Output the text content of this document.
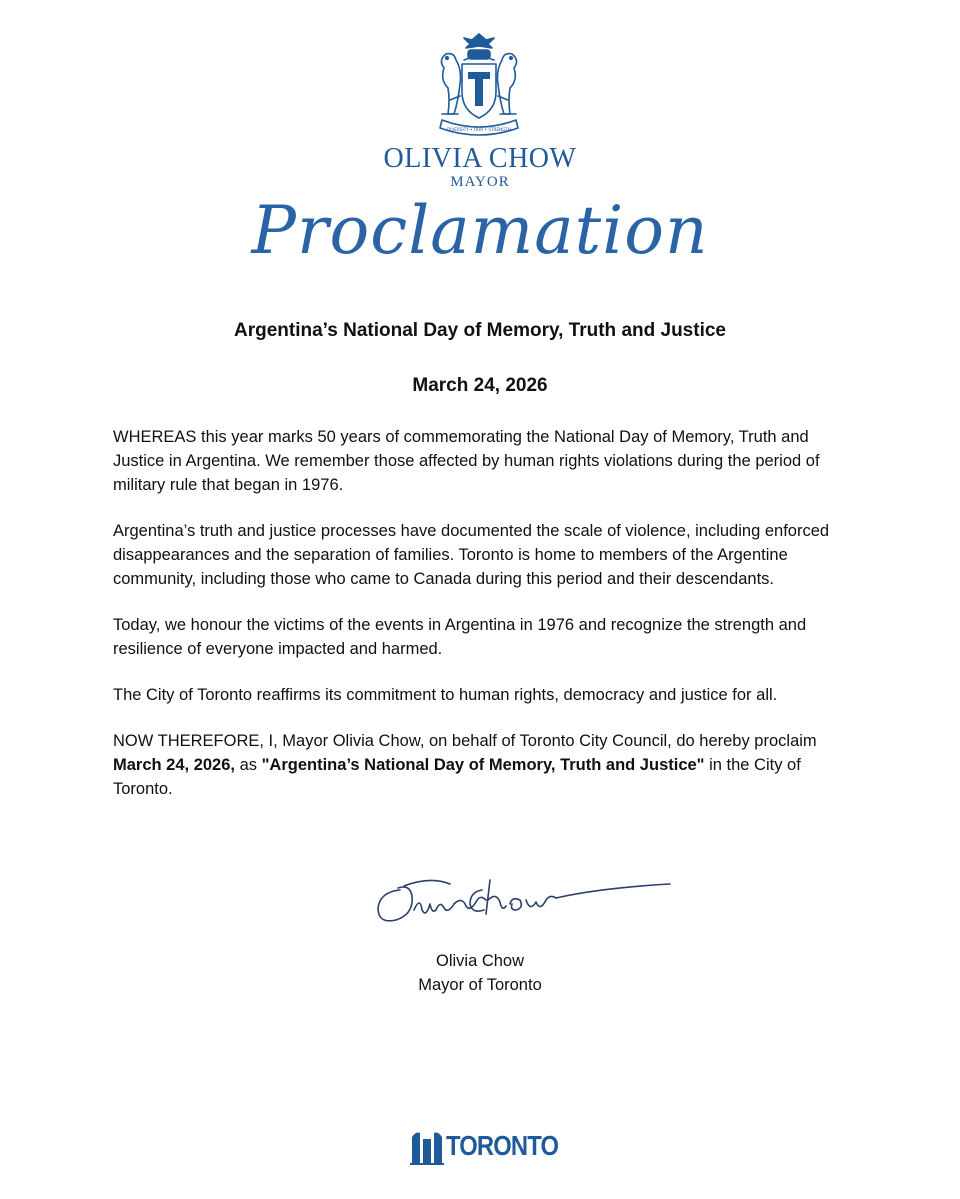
DIVERSITY • OUR • STRENGTH
OLIVIA CHOW
MAYOR
Proclamation
Argentina’s National Day of Memory, Truth and Justice
March 24, 2026

WHEREAS this year marks 50 years of commemorating the National Day of Memory, Truth and Justice in Argentina. We remember those affected by human rights violations during the period of military rule that began in 1976.

Argentina’s truth and justice processes have documented the scale of violence, including enforced disappearances and the separation of families. Toronto is home to members of the Argentine community, including those who came to Canada during this period and their descendants.

Today, we honour the victims of the events in Argentina in 1976 and recognize the strength and resilience of everyone impacted and harmed.

The City of Toronto reaffirms its commitment to human rights, democracy and justice for all.

NOW THEREFORE, I, Mayor Olivia Chow, on behalf of Toronto City Council, do hereby proclaim March 24, 2026, as "Argentina’s National Day of Memory, Truth and Justice" in the City of Toronto.

Olivia Chow
Mayor of Toronto
TORONTO
